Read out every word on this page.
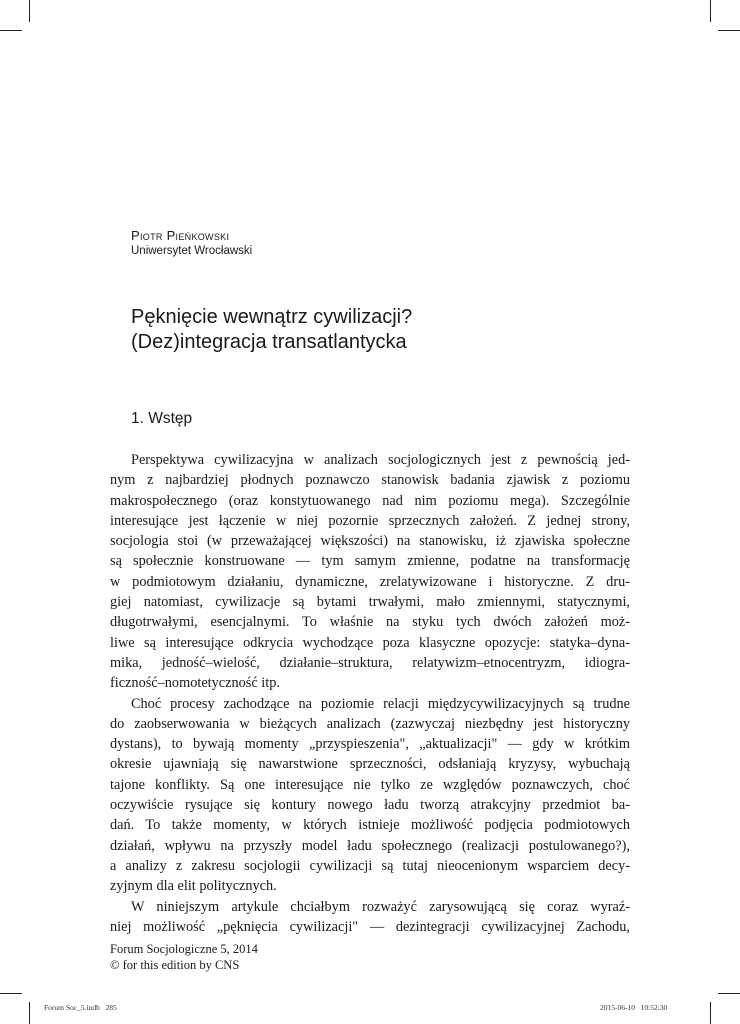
Piotr Pieńkowski
Uniwersytet Wrocławski
Pęknięcie wewnątrz cywilizacji?
(Dez)integracja transatlantycka
1. Wstęp

Perspektywa cywilizacyjna w analizach socjologicznych jest z pewnością jed-
nym z najbardziej płodnych poznawczo stanowisk badania zjawisk z poziomu
makrospołecznego (oraz konstytuowanego nad nim poziomu mega). Szczególnie
interesujące jest łączenie w niej pozornie sprzecznych założeń. Z jednej strony,
socjologia stoi (w przeważającej większości) na stanowisku, iż zjawiska społeczne
są społecznie konstruowane — tym samym zmienne, podatne na transformację
w podmiotowym działaniu, dynamiczne, zrelatywizowane i historyczne. Z dru-
giej natomiast, cywilizacje są bytami trwałymi, mało zmiennymi, statycznymi,
długotrwałymi, esencjalnymi. To właśnie na styku tych dwóch założeń moż-
liwe są interesujące odkrycia wychodzące poza klasyczne opozycje: statyka–dyna-
mika, jedność–wielość, działanie–struktura, relatywizm–etnocentryzm, idiogra-
ficzność–nomotetyczność itp.

Choć procesy zachodzące na poziomie relacji międzycywilizacyjnych są trudne
do zaobserwowania w bieżących analizach (zazwyczaj niezbędny jest historyczny
dystans), to bywają momenty „przyspieszenia", „aktualizacji" — gdy w krótkim
okresie ujawniają się nawarstwione sprzeczności, odsłaniają kryzysy, wybuchają
tajone konflikty. Są one interesujące nie tylko ze względów poznawczych, choć
oczywiście rysujące się kontury nowego ładu tworzą atrakcyjny przedmiot ba-
dań. To także momenty, w których istnieje możliwość podjęcia podmiotowych
działań, wpływu na przyszły model ładu społecznego (realizacji postulowanego?),
a analizy z zakresu socjologii cywilizacji są tutaj nieocenionym wsparciem decy-
zyjnym dla elit politycznych.

W niniejszym artykule chciałbym rozważyć zarysowującą się coraz wyraź-
niej możliwość „pęknięcia cywilizacji" — dezintegracji cywilizacyjnej Zachodu,

Forum Socjologiczne 5, 2014
© for this edition by CNS
Forum Soc_5.indb   285	2015-06-10   10:52:30
